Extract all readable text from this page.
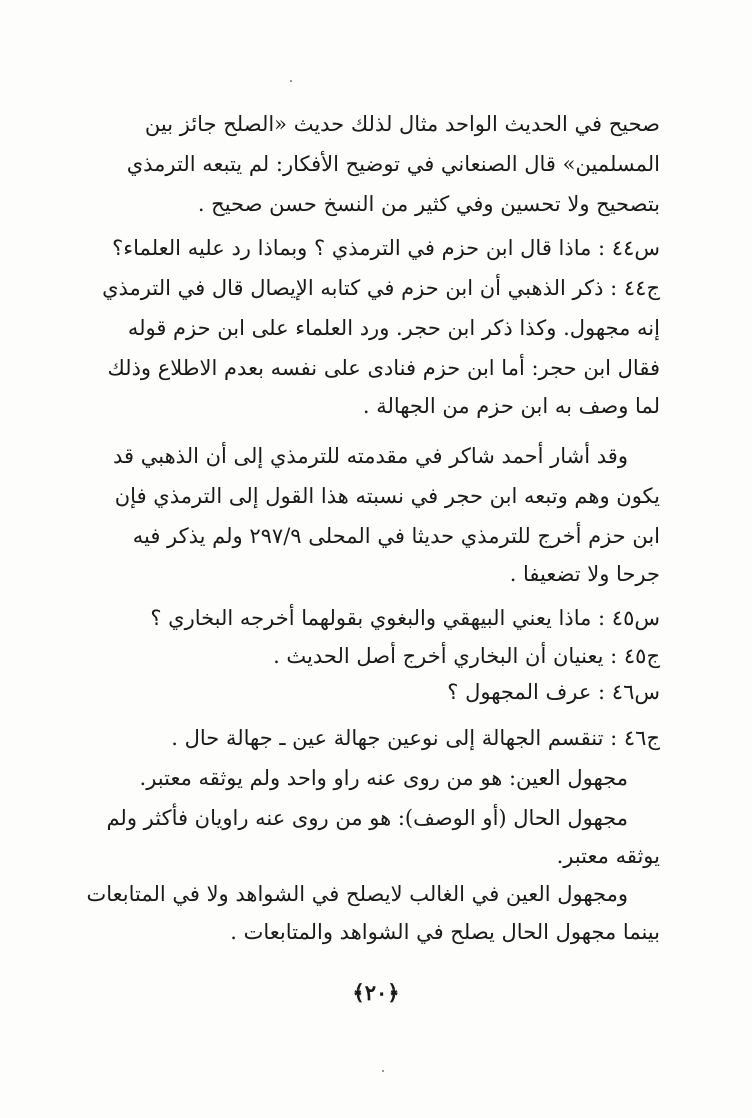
صحيح في الحديث الواحد مثال لذلك حديث «الصلح جائز بين
المسلمين» قال الصنعاني في توضيح الأفكار: لم يتبعه الترمذي
بتصحيح ولا تحسين وفي كثير من النسخ حسن صحيح .
س٤٤ : ماذا قال ابن حزم في الترمذي ؟ وبماذا رد عليه العلماء؟
ج٤٤ : ذكر الذهبي أن ابن حزم في كتابه الإيصال قال في الترمذي
إنه مجهول. وكذا ذكر ابن حجر. ورد العلماء على ابن حزم قوله
فقال ابن حجر: أما ابن حزم فنادى على نفسه بعدم الاطلاع وذلك
لما وصف به ابن حزم من الجهالة .
وقد أشار أحمد شاكر في مقدمته للترمذي إلى أن الذهبي قد
يكون وهم وتبعه ابن حجر في نسبته هذا القول إلى الترمذي فإن
ابن حزم أخرج للترمذي حديثا في المحلى ٢٩٧/٩ ولم يذكر فيه
جرحا ولا تضعيفا .
س٤٥ : ماذا يعني البيهقي والبغوي بقولهما أخرجه البخاري ؟
ج٤٥ : يعنيان أن البخاري أخرج أصل الحديث .
س٤٦ : عرف المجهول ؟
ج٤٦ : تنقسم الجهالة إلى نوعين جهالة عين ـ جهالة حال .
مجهول العين: هو من روى عنه راو واحد ولم يوثقه معتبر.
مجهول الحال (أو الوصف): هو من روى عنه راويان فأكثر ولم
يوثقه معتبر.
ومجهول العين في الغالب لايصلح في الشواهد ولا في المتابعات
بينما مجهول الحال يصلح في الشواهد والمتابعات .
﴿٢٠﴾
